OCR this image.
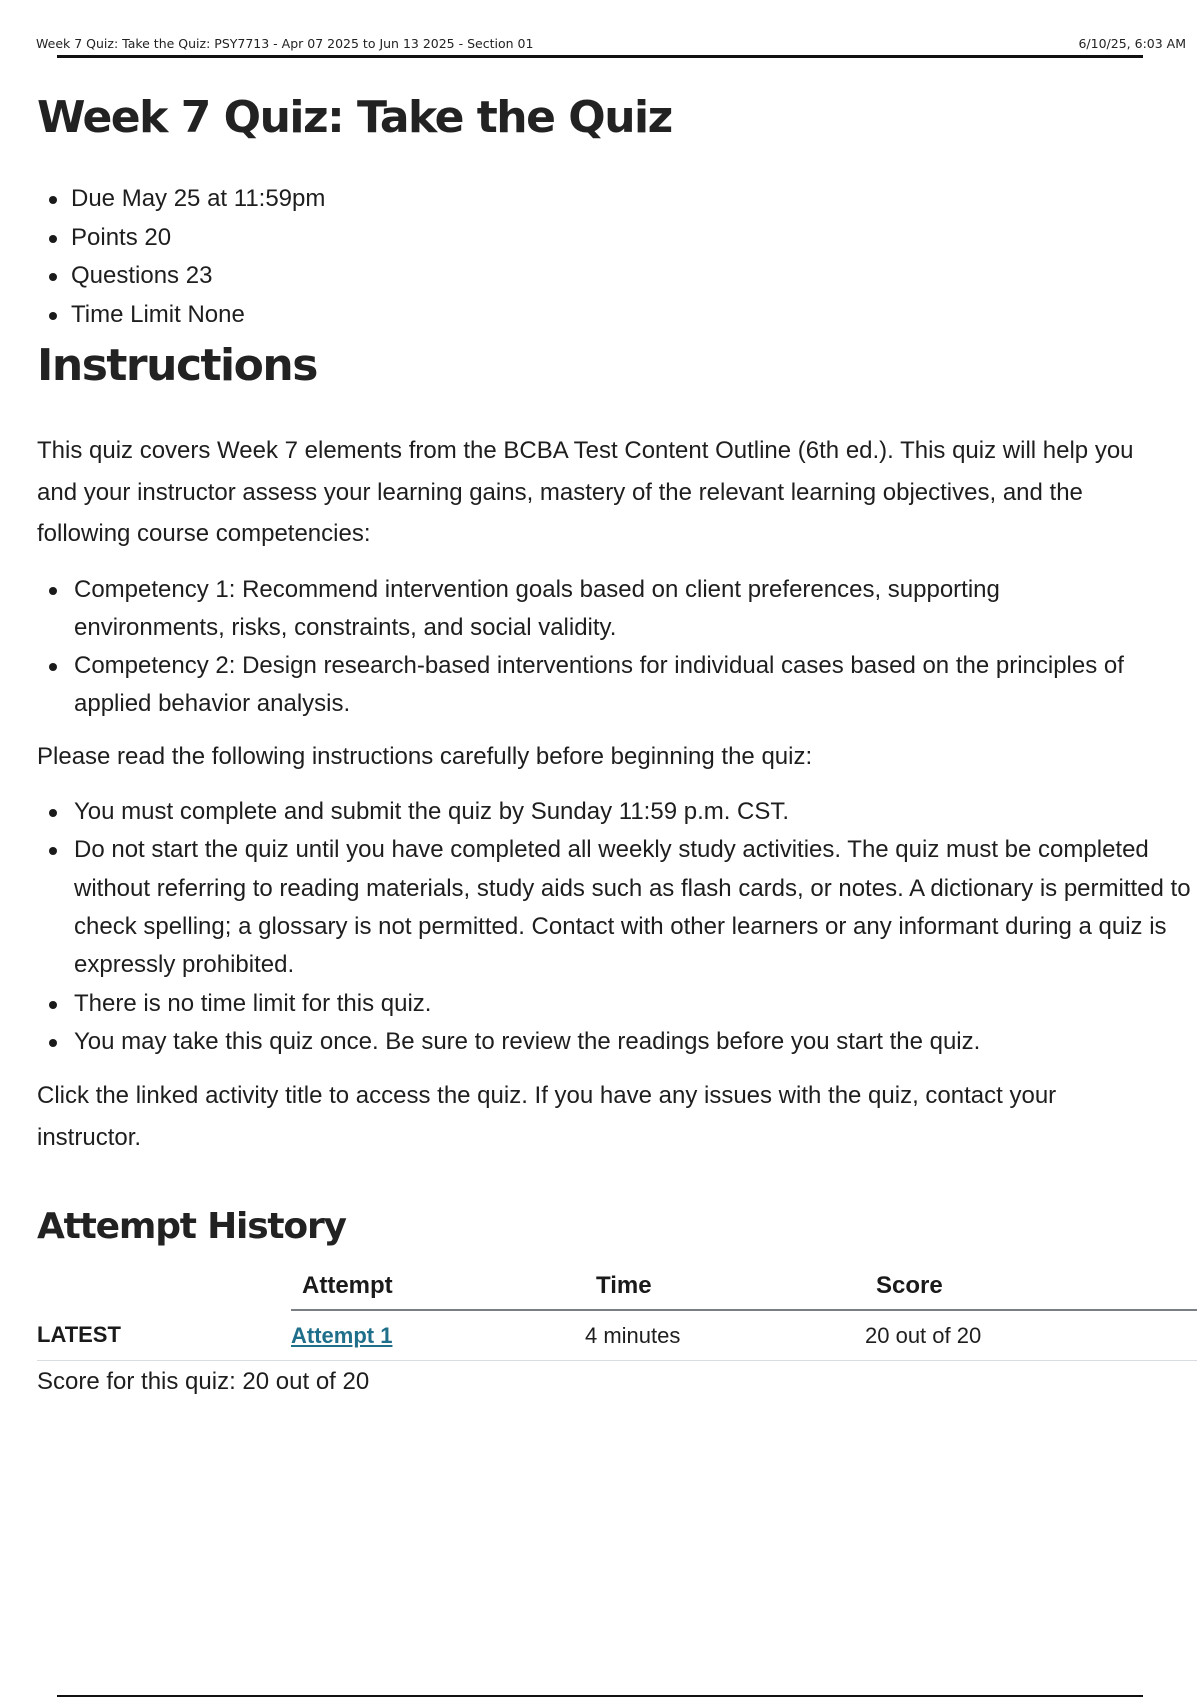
Week 7 Quiz: Take the Quiz: PSY7713 - Apr 07 2025 to Jun 13 2025 - Section 01	6/10/25, 6:03 AM
Week 7 Quiz: Take the Quiz
Due May 25 at 11:59pm
Points 20
Questions 23
Time Limit None
Instructions

This quiz covers Week 7 elements from the BCBA Test Content Outline (6th ed.). This quiz will help you and your instructor assess your learning gains, mastery of the relevant learning objectives, and the following course competencies:

Competency 1: Recommend intervention goals based on client preferences, supporting environments, risks, constraints, and social validity.
Competency 2: Design research-based interventions for individual cases based on the principles of applied behavior analysis.

Please read the following instructions carefully before beginning the quiz:

You must complete and submit the quiz by Sunday 11:59 p.m. CST.
Do not start the quiz until you have completed all weekly study activities. The quiz must be completed without referring to reading materials, study aids such as flash cards, or notes. A dictionary is permitted to check spelling; a glossary is not permitted. Contact with other learners or any informant during a quiz is expressly prohibited.
There is no time limit for this quiz.
You may take this quiz once. Be sure to review the readings before you start the quiz.

Click the linked activity title to access the quiz. If you have any issues with the quiz, contact your instructor.

Attempt History
	Attempt	Time	Score
LATEST	Attempt 1	4 minutes	20 out of 20

Score for this quiz: 20 out of 20
